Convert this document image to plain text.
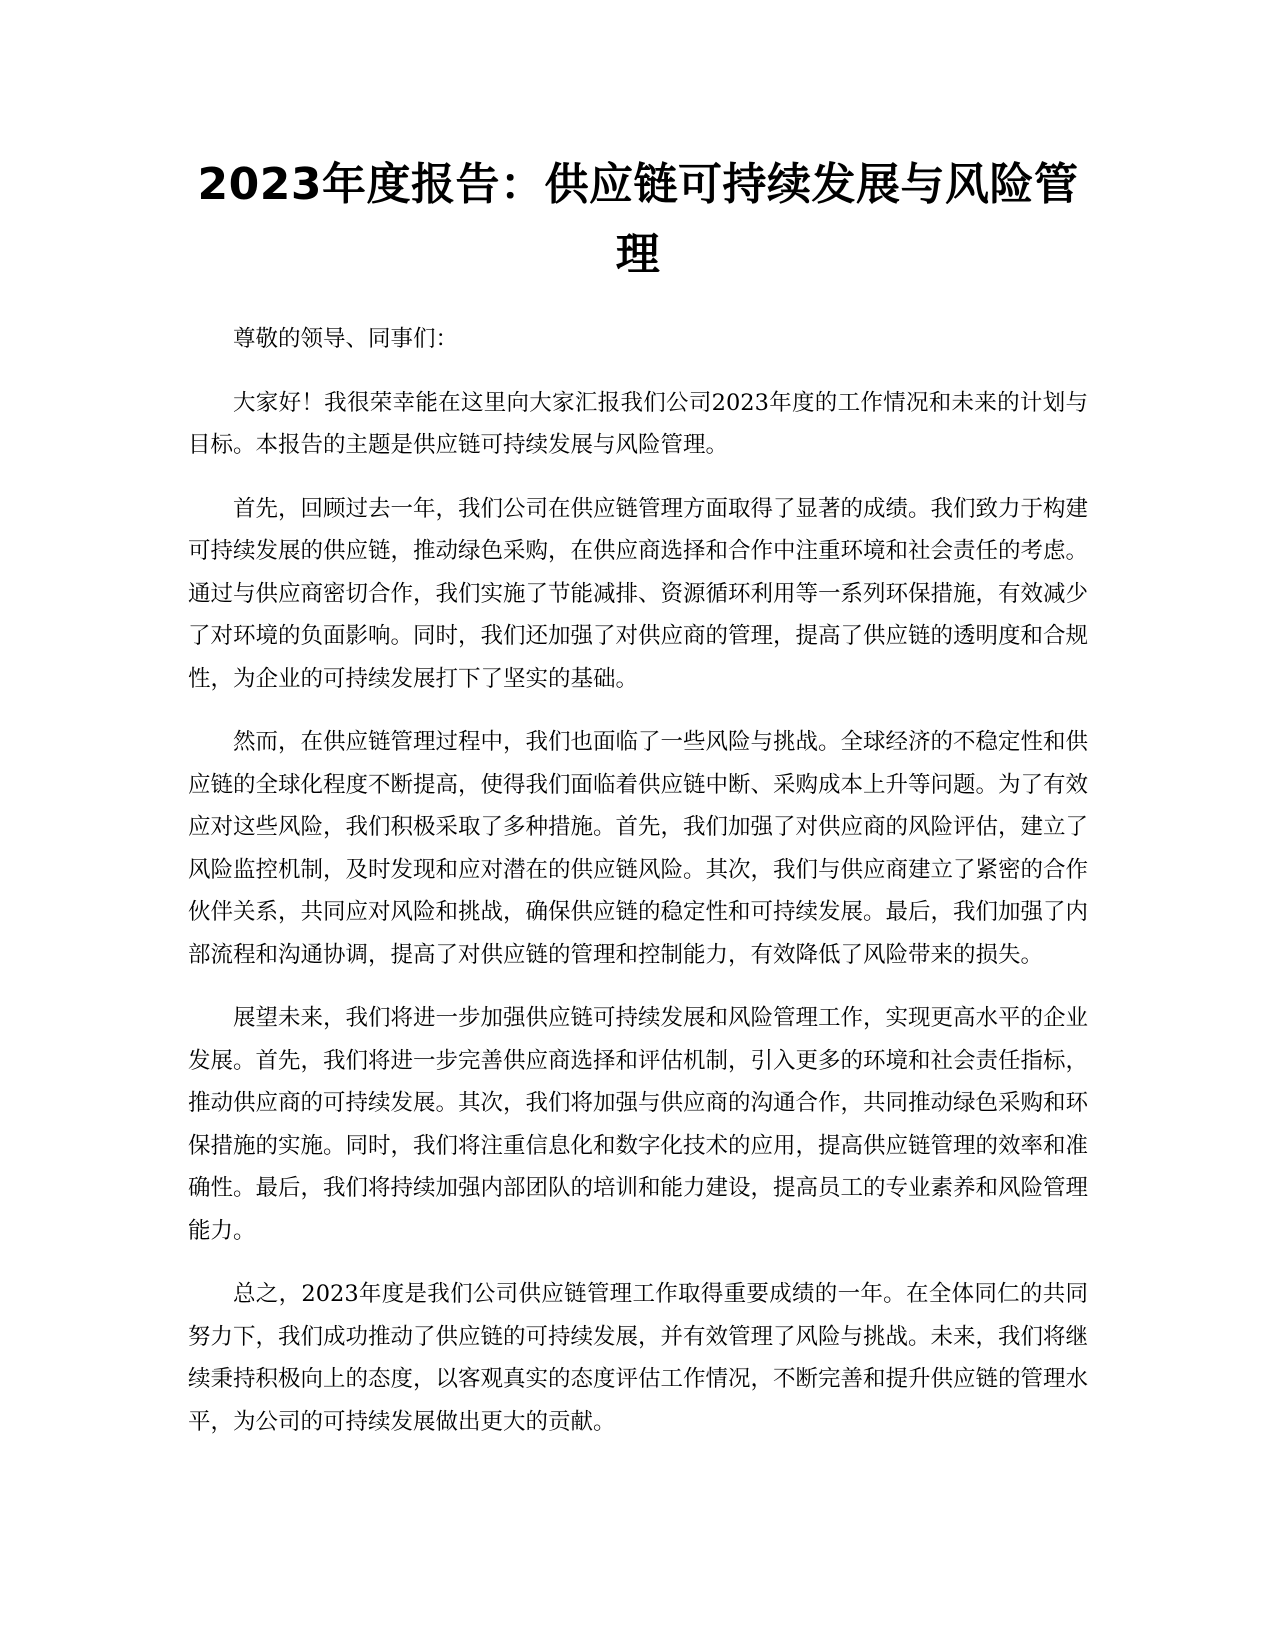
2023年度报告：供应链可持续发展与风险管理

尊敬的领导、同事们：

大家好！我很荣幸能在这里向大家汇报我们公司2023年度的工作情况和未来的计划与目标。本报告的主题是供应链可持续发展与风险管理。

首先，回顾过去一年，我们公司在供应链管理方面取得了显著的成绩。我们致力于构建可持续发展的供应链，推动绿色采购，在供应商选择和合作中注重环境和社会责任的考虑。通过与供应商密切合作，我们实施了节能减排、资源循环利用等一系列环保措施，有效减少了对环境的负面影响。同时，我们还加强了对供应商的管理，提高了供应链的透明度和合规性，为企业的可持续发展打下了坚实的基础。

然而，在供应链管理过程中，我们也面临了一些风险与挑战。全球经济的不稳定性和供应链的全球化程度不断提高，使得我们面临着供应链中断、采购成本上升等问题。为了有效应对这些风险，我们积极采取了多种措施。首先，我们加强了对供应商的风险评估，建立了风险监控机制，及时发现和应对潜在的供应链风险。其次，我们与供应商建立了紧密的合作伙伴关系，共同应对风险和挑战，确保供应链的稳定性和可持续发展。最后，我们加强了内部流程和沟通协调，提高了对供应链的管理和控制能力，有效降低了风险带来的损失。

展望未来，我们将进一步加强供应链可持续发展和风险管理工作，实现更高水平的企业发展。首先，我们将进一步完善供应商选择和评估机制，引入更多的环境和社会责任指标，推动供应商的可持续发展。其次，我们将加强与供应商的沟通合作，共同推动绿色采购和环保措施的实施。同时，我们将注重信息化和数字化技术的应用，提高供应链管理的效率和准确性。最后，我们将持续加强内部团队的培训和能力建设，提高员工的专业素养和风险管理能力。

总之，2023年度是我们公司供应链管理工作取得重要成绩的一年。在全体同仁的共同努力下，我们成功推动了供应链的可持续发展，并有效管理了风险与挑战。未来，我们将继续秉持积极向上的态度，以客观真实的态度评估工作情况，不断完善和提升供应链的管理水平，为公司的可持续发展做出更大的贡献。
